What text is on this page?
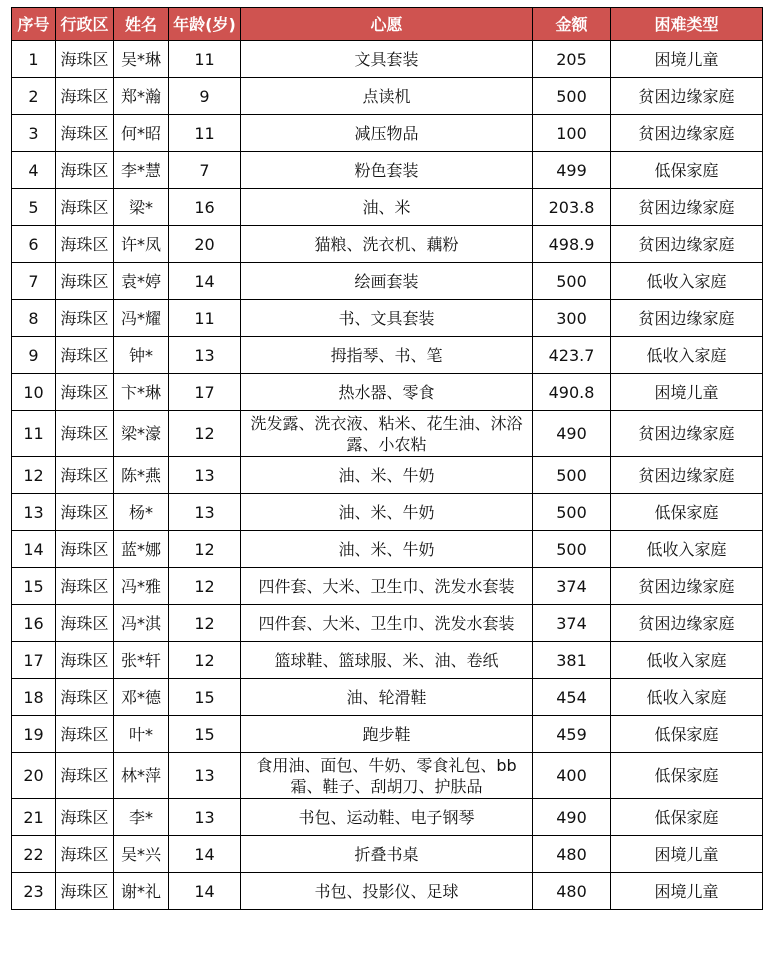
序号	行政区	姓名	年龄(岁)	心愿	金额	困难类型
1	海珠区	吴*琳	11	文具套装	205	困境儿童
2	海珠区	郑*瀚	9	点读机	500	贫困边缘家庭
3	海珠区	何*昭	11	减压物品	100	贫困边缘家庭
4	海珠区	李*慧	7	粉色套装	499	低保家庭
5	海珠区	梁*	16	油、米	203.8	贫困边缘家庭
6	海珠区	许*凤	20	猫粮、洗衣机、藕粉	498.9	贫困边缘家庭
7	海珠区	袁*婷	14	绘画套装	500	低收入家庭
8	海珠区	冯*耀	11	书、文具套装	300	贫困边缘家庭
9	海珠区	钟*	13	拇指琴、书、笔	423.7	低收入家庭
10	海珠区	卞*琳	17	热水器、零食	490.8	困境儿童
11	海珠区	梁*濠	12	洗发露、洗衣液、粘米、花生油、沐浴露、小农粘	490	贫困边缘家庭
12	海珠区	陈*燕	13	油、米、牛奶	500	贫困边缘家庭
13	海珠区	杨*	13	油、米、牛奶	500	低保家庭
14	海珠区	蓝*娜	12	油、米、牛奶	500	低收入家庭
15	海珠区	冯*雅	12	四件套、大米、卫生巾、洗发水套装	374	贫困边缘家庭
16	海珠区	冯*淇	12	四件套、大米、卫生巾、洗发水套装	374	贫困边缘家庭
17	海珠区	张*轩	12	篮球鞋、篮球服、米、油、卷纸	381	低收入家庭
18	海珠区	邓*德	15	油、轮滑鞋	454	低收入家庭
19	海珠区	叶*	15	跑步鞋	459	低保家庭
20	海珠区	林*萍	13	食用油、面包、牛奶、零食礼包、bb霜、鞋子、刮胡刀、护肤品	400	低保家庭
21	海珠区	李*	13	书包、运动鞋、电子钢琴	490	低保家庭
22	海珠区	吴*兴	14	折叠书桌	480	困境儿童
23	海珠区	谢*礼	14	书包、投影仪、足球	480	困境儿童
